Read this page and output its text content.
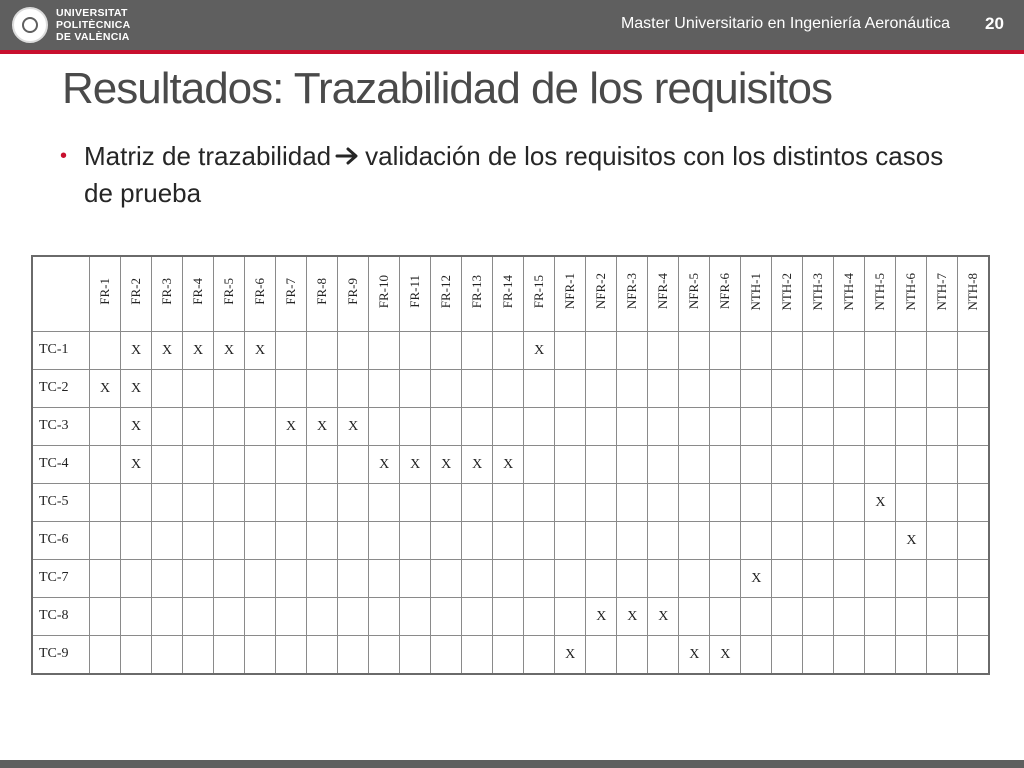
UNIVERSITAT
POLITÈCNICA
DE VALÈNCIA
Master Universitario en Ingeniería Aeronáutica 20
Resultados: Trazabilidad de los requisitos
• Matriz de trazabilidad validación de los requisitos con los distintos casos de prueba
	FR-1	FR-2	FR-3	FR-4	FR-5	FR-6	FR-7	FR-8	FR-9	FR-10	FR-11	FR-12	FR-13	FR-14	FR-15	NFR-1	NFR-2	NFR-3	NFR-4	NFR-5	NFR-6	NTH-1	NTH-2	NTH-3	NTH-4	NTH-5	NTH-6	NTH-7	NTH-8
TC-1		X	X	X	X	X									X														
TC-2	X	X																											
TC-3		X					X	X	X																				
TC-4		X								X	X	X	X	X															
TC-5																										X			
TC-6																											X		
TC-7																						X							
TC-8																	X	X	X										
TC-9																X				X	X								
